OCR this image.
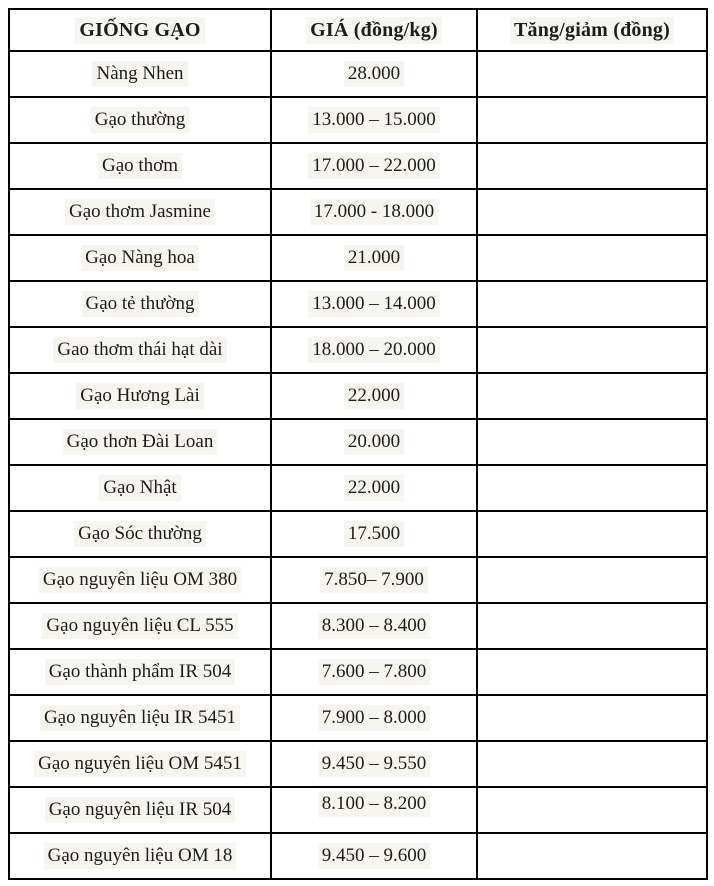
GIỐNG GẠO	GIÁ (đồng/kg)	Tăng/giảm (đồng)
Nàng Nhen	28.000	
Gạo thường	13.000 – 15.000	
Gạo thơm	17.000 – 22.000	
Gạo thơm Jasmine	17.000 - 18.000	
Gạo Nàng hoa	21.000	
Gạo tẻ thường	13.000 – 14.000	
Gao thơm thái hạt dài	18.000 – 20.000	
Gạo Hương Lài	22.000	
Gạo thơn Đài Loan	20.000	
Gạo Nhật	22.000	
Gạo Sóc thường	17.500	
Gạo nguyên liệu OM 380	7.850– 7.900	
Gạo nguyên liệu CL 555	8.300 – 8.400	
Gạo thành phẩm IR 504	7.600 – 7.800	
Gạo nguyên liệu IR 5451	7.900 – 8.000	
Gạo nguyên liệu OM 5451	9.450 – 9.550	
Gạo nguyên liệu IR 504	8.100 – 8.200	
Gạo nguyên liệu OM 18	9.450 – 9.600	
